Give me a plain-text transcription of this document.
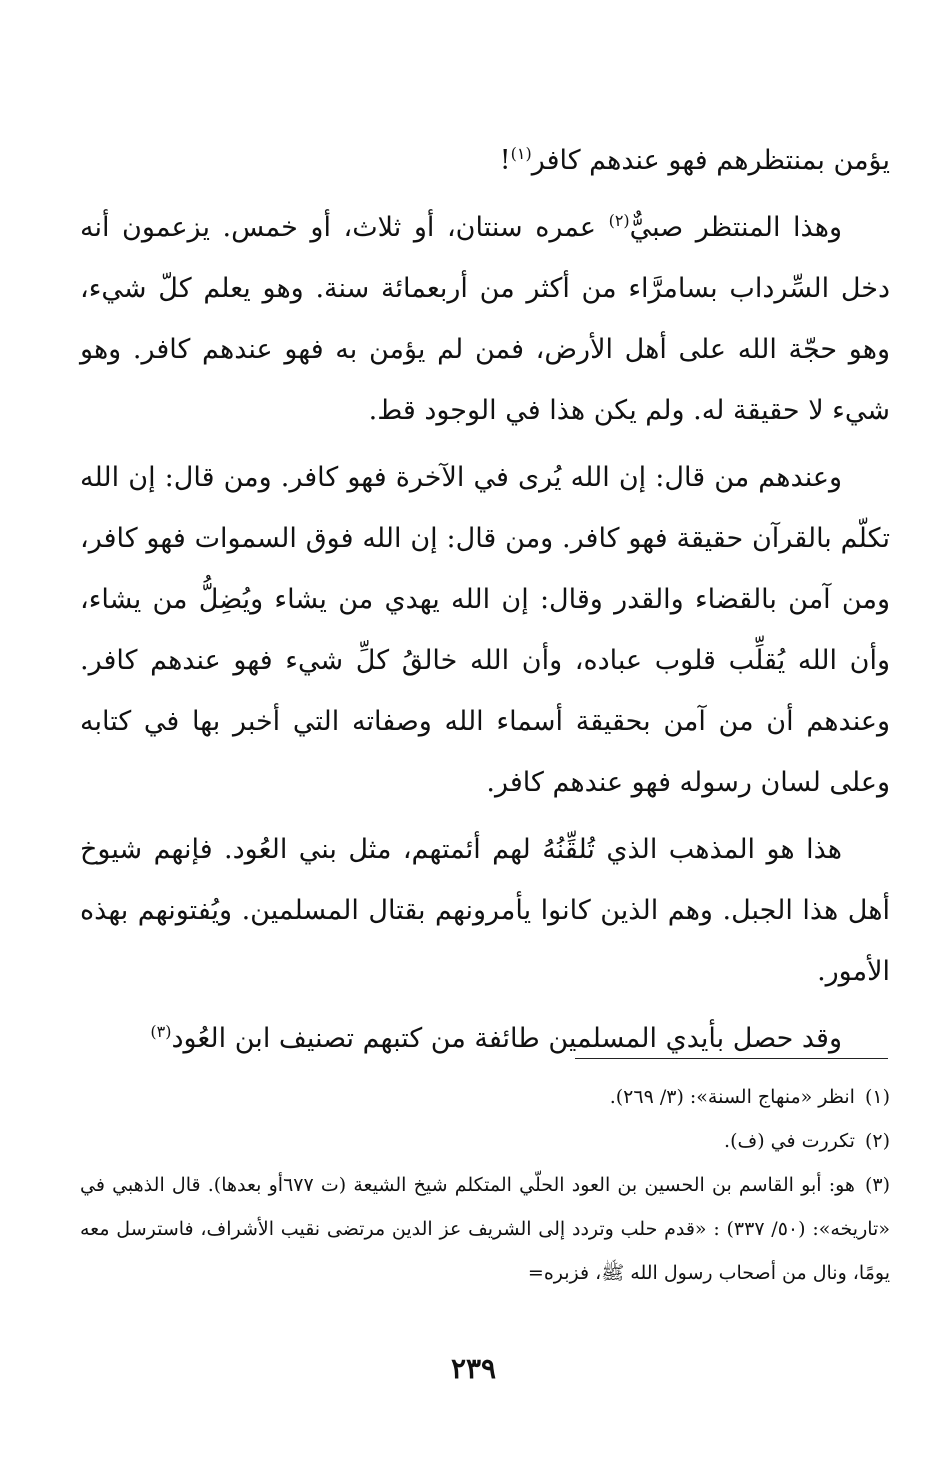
يؤمن بمنتظرهم فهو عندهم كافر$^{(١)}$!

وهذا المنتظر صبيٌّ$^{(٢)}$ عمره سنتان، أو ثلاث، أو خمس. يزعمون أنه دخل السِّرداب بسامرَّاء من أكثر من أربعمائة سنة. وهو يعلم كلّ شيء، وهو حجّة الله على أهل الأرض، فمن لم يؤمن به فهو عندهم كافر. وهو شيء لا حقيقة له. ولم يكن هذا في الوجود قط.

وعندهم من قال: إن الله يُرى في الآخرة فهو كافر. ومن قال: إن الله تكلّم بالقرآن حقيقة فهو كافر. ومن قال: إن الله فوق السموات فهو كافر، ومن آمن بالقضاء والقدر وقال: إن الله يهدي من يشاء ويُضِلُّ من يشاء، وأن الله يُقلِّب قلوب عباده، وأن الله خالقُ كلِّ شيء فهو عندهم كافر. وعندهم أن من آمن بحقيقة أسماء الله وصفاته التي أخبر بها في كتابه وعلى لسان رسوله فهو عندهم كافر.

هذا هو المذهب الذي تُلقِّنُهُ لهم أئمتهم، مثل بني العُود. فإنهم شيوخ أهل هذا الجبل. وهم الذين كانوا يأمرونهم بقتال المسلمين. ويُفتونهم بهذه الأمور.

وقد حصل بأيدي المسلمين طائفة من كتبهم تصنيف ابن العُود$^{(٣)}$

(١)انظر «منهاج السنة»: (٣/ ٢٦٩).

(٢)تكررت في (ف).

(٣)هو: أبو القاسم بن الحسين بن العود الحلّي المتكلم شيخ الشيعة (ت ٦٧٧أو بعدها). قال الذهبي في «تاريخه»: (٥٠/ ٣٣٧) : «قدم حلب وتردد إلى الشريف عز الدين مرتضى نقيب الأشراف، فاسترسل معه يومًا، ونال من أصحاب رسول الله ﷺ، فزبره=

٢٣٩
